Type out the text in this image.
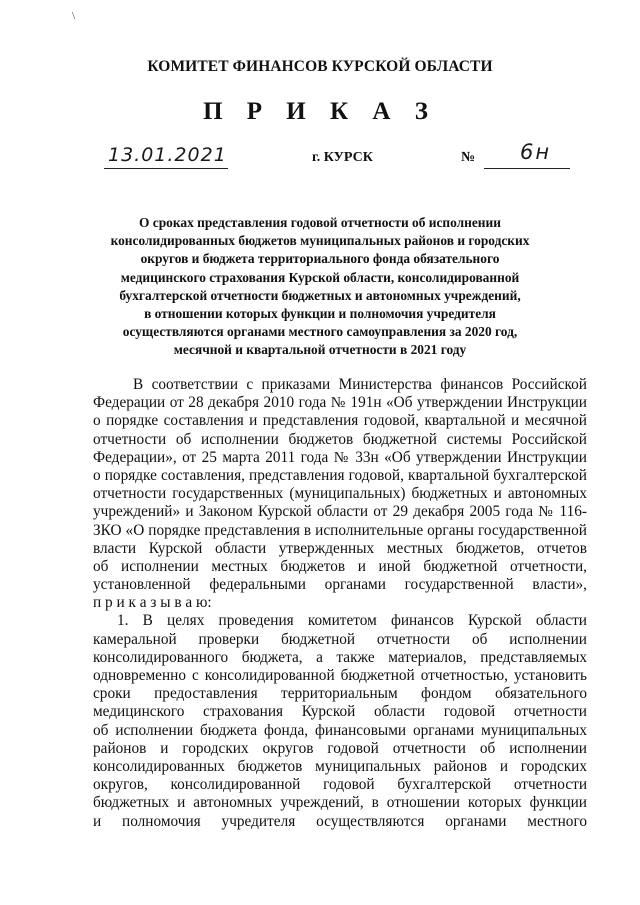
\
КОМИТЕТ ФИНАНСОВ КУРСКОЙ ОБЛАСТИ
П Р И К А З
13.01.2021	г. КУРСК	№ 6н
О сроках представления годовой отчетности об исполнении
консолидированных бюджетов муниципальных районов и городских
округов и бюджета территориального фонда обязательного
медицинского страхования Курской области, консолидированной
бухгалтерской отчетности бюджетных и автономных учреждений,
в отношении которых функции и полномочия учредителя
осуществляются органами местного самоуправления за 2020 год,
месячной и квартальной отчетности в 2021 году
В соответствии с приказами Министерства финансов Российской
Федерации от 28 декабря 2010 года № 191н «Об утверждении Инструкции
о порядке составления и представления годовой, квартальной и месячной
отчетности об исполнении бюджетов бюджетной системы Российской
Федерации», от 25 марта 2011 года № 33н «Об утверждении Инструкции
о порядке составления, представления годовой, квартальной бухгалтерской
отчетности государственных (муниципальных) бюджетных и автономных
учреждений» и Законом Курской области от 29 декабря 2005 года № 116-
ЗКО «О порядке представления в исполнительные органы государственной
власти Курской области утвержденных местных бюджетов, отчетов
об исполнении местных бюджетов и иной бюджетной отчетности,
установленной федеральными органами государственной власти»,
п р и к а з ы в а ю:
1. В целях проведения комитетом финансов Курской области
камеральной проверки бюджетной отчетности об исполнении
консолидированного бюджета, а также материалов, представляемых
одновременно с консолидированной бюджетной отчетностью, установить
сроки предоставления территориальным фондом обязательного
медицинского страхования Курской области годовой отчетности
об исполнении бюджета фонда, финансовыми органами муниципальных
районов и городских округов годовой отчетности об исполнении
консолидированных бюджетов муниципальных районов и городских
округов, консолидированной годовой бухгалтерской отчетности
бюджетных и автономных учреждений, в отношении которых функции
и полномочия учредителя осуществляются органами местного
